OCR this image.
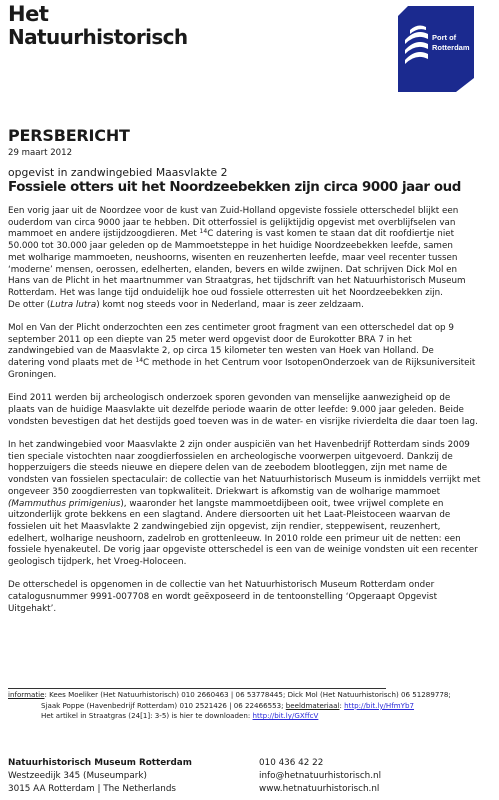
Het
Natuurhistorisch	Port of
Rotterdam
PERSBERICHT
29 maart 2012
opgevist in zandwingebied Maasvlakte 2
Fossiele otters uit het Noordzeebekken zijn circa 9000 jaar oud

Een vorig jaar uit de Noordzee voor de kust van Zuid-Holland opgeviste fossiele otterschedel blijkt een
ouderdom van circa 9000 jaar te hebben. Dit otterfossiel is gelijktijdig opgevist met overblijfselen van
mammoet en andere ijstijdzoogdieren. Met $^{14}$C datering is vast komen te staan dat dit roofdiertje niet
50.000 tot 30.000 jaar geleden op de Mammoetsteppe in het huidige Noordzeebekken leefde, samen
met wolharige mammoeten, neushoorns, wisenten en reuzenherten leefde, maar veel recenter tussen
‘moderne’ mensen, oerossen, edelherten, elanden, bevers en wilde zwijnen. Dat schrijven Dick Mol en
Hans van de Plicht in het maartnummer van Straatgras, het tijdschrift van het Natuurhistorisch Museum
Rotterdam. Het was lange tijd onduidelijk hoe oud fossiele otterresten uit het Noordzeebekken zijn.
De otter (Lutra lutra) komt nog steeds voor in Nederland, maar is zeer zeldzaam.

Mol en Van der Plicht onderzochten een zes centimeter groot fragment van een otterschedel dat op 9
september 2011 op een diepte van 25 meter werd opgevist door de Eurokotter BRA 7 in het
zandwingebied van de Maasvlakte 2, op circa 15 kilometer ten westen van Hoek van Holland. De
datering vond plaats met de $^{14}$C methode in het Centrum voor IsotopenOnderzoek van de Rijksuniversiteit
Groningen.

Eind 2011 werden bij archeologisch onderzoek sporen gevonden van menselijke aanwezigheid op de
plaats van de huidige Maasvlakte uit dezelfde periode waarin de otter leefde: 9.000 jaar geleden. Beide
vondsten bevestigen dat het destijds goed toeven was in de water- en visrijke rivierdelta die daar toen lag.

In het zandwingebied voor Maasvlakte 2 zijn onder auspiciën van het Havenbedrijf Rotterdam sinds 2009
tien speciale vistochten naar zoogdierfossielen en archeologische voorwerpen uitgevoerd. Dankzij de
hopperzuigers die steeds nieuwe en diepere delen van de zeebodem blootleggen, zijn met name de
vondsten van fossielen spectaculair: de collectie van het Natuurhistorisch Museum is inmiddels verrijkt met
ongeveer 350 zoogdierresten van topkwaliteit. Driekwart is afkomstig van de wolharige mammoet
(Mammuthus primigenius), waaronder het langste mammoetdijbeen ooit, twee vrijwel complete en
uitzonderlijk grote bekkens en een slagtand. Andere diersoorten uit het Laat-Pleistoceen waarvan de
fossielen uit het Maasvlakte 2 zandwingebied zijn opgevist, zijn rendier, steppewisent, reuzenhert,
edelhert, wolharige neushoorn, zadelrob en grottenleeuw. In 2010 rolde een primeur uit de netten: een
fossiele hyenakeutel. De vorig jaar opgeviste otterschedel is een van de weinige vondsten uit een recenter
geologisch tijdperk, het Vroeg-Holoceen.

De otterschedel is opgenomen in de collectie van het Natuurhistorisch Museum Rotterdam onder
catalogusnummer 9991-007708 en wordt geëxposeerd in de tentoonstelling ‘Opgeraapt Opgevist
Uitgehakt’.

informatie: Kees Moeliker (Het Natuurhistorisch) 010 2660463 | 06 53778445; Dick Mol (Het Natuurhistorisch) 06 51289778;
Sjaak Poppe (Havenbedrijf Rotterdam) 010 2521426 | 06 22466553; beeldmateriaal: http://bit.ly/HfmYb7
Het artikel in Straatgras (24[1]: 3-5) is hier te downloaden: http://bit.ly/GXffcV
Natuurhistorisch Museum Rotterdam
Westzeedijk 345 (Museumpark)
3015 AA Rotterdam | The Netherlands
010 436 42 22
info@hetnatuurhistorisch.nl
www.hetnatuurhistorisch.nl
